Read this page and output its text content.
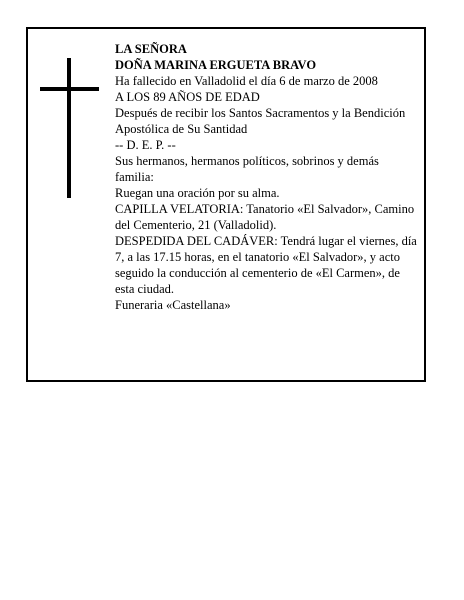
LA SEÑORA
DOÑA MARINA ERGUETA BRAVO
Ha fallecido en Valladolid el día 6 de marzo de 2008
A LOS 89 AÑOS DE EDAD
Después de recibir los Santos Sacramentos y la Bendición Apostólica de Su Santidad
-- D. E. P. --
Sus hermanos, hermanos políticos, sobrinos y demás familia:
Ruegan una oración por su alma.
CAPILLA VELATORIA: Tanatorio «El Salvador», Camino del Cementerio, 21 (Valladolid).
DESPEDIDA DEL CADÁVER: Tendrá lugar el viernes, día 7, a las 17.15 horas, en el tanatorio «El Salvador», y acto seguido la conducción al cementerio de «El Carmen», de esta ciudad.
Funeraria «Castellana»
